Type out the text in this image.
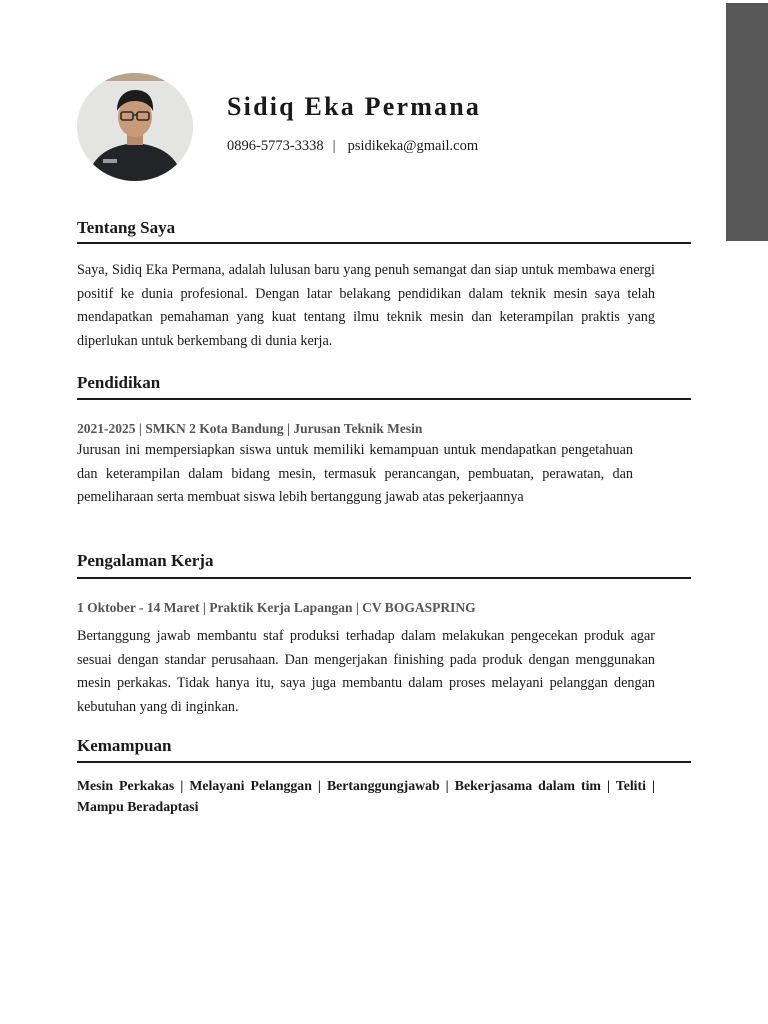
Sidiq Eka Permana
0896-5773-3338 | psidikeka@gmail.com
Tentang Saya

Saya, Sidiq Eka Permana, adalah lulusan baru yang penuh semangat dan siap untuk membawa energi positif ke dunia profesional. Dengan latar belakang pendidikan dalam teknik mesin saya telah mendapatkan pemahaman yang kuat tentang ilmu teknik mesin dan keterampilan praktis yang diperlukan untuk berkembang di dunia kerja.

Pendidikan
2021-2025 | SMKN 2 Kota Bandung | Jurusan Teknik Mesin

Jurusan ini mempersiapkan siswa untuk memiliki kemampuan untuk mendapatkan pengetahuan dan keterampilan dalam bidang mesin, termasuk perancangan, pembuatan, perawatan, dan pemeliharaan serta membuat siswa lebih bertanggung jawab atas pekerjaannya

Pengalaman Kerja
1 Oktober - 14 Maret | Praktik Kerja Lapangan | CV BOGASPRING

Bertanggung jawab membantu staf produksi terhadap dalam melakukan pengecekan produk agar sesuai dengan standar perusahaan. Dan mengerjakan finishing pada produk dengan menggunakan mesin perkakas. Tidak hanya itu, saya juga membantu dalam proses melayani pelanggan dengan kebutuhan yang di inginkan.

Kemampuan

Mesin Perkakas | Melayani Pelanggan | Bertanggungjawab | Bekerjasama dalam tim | Teliti | Mampu Beradaptasi
